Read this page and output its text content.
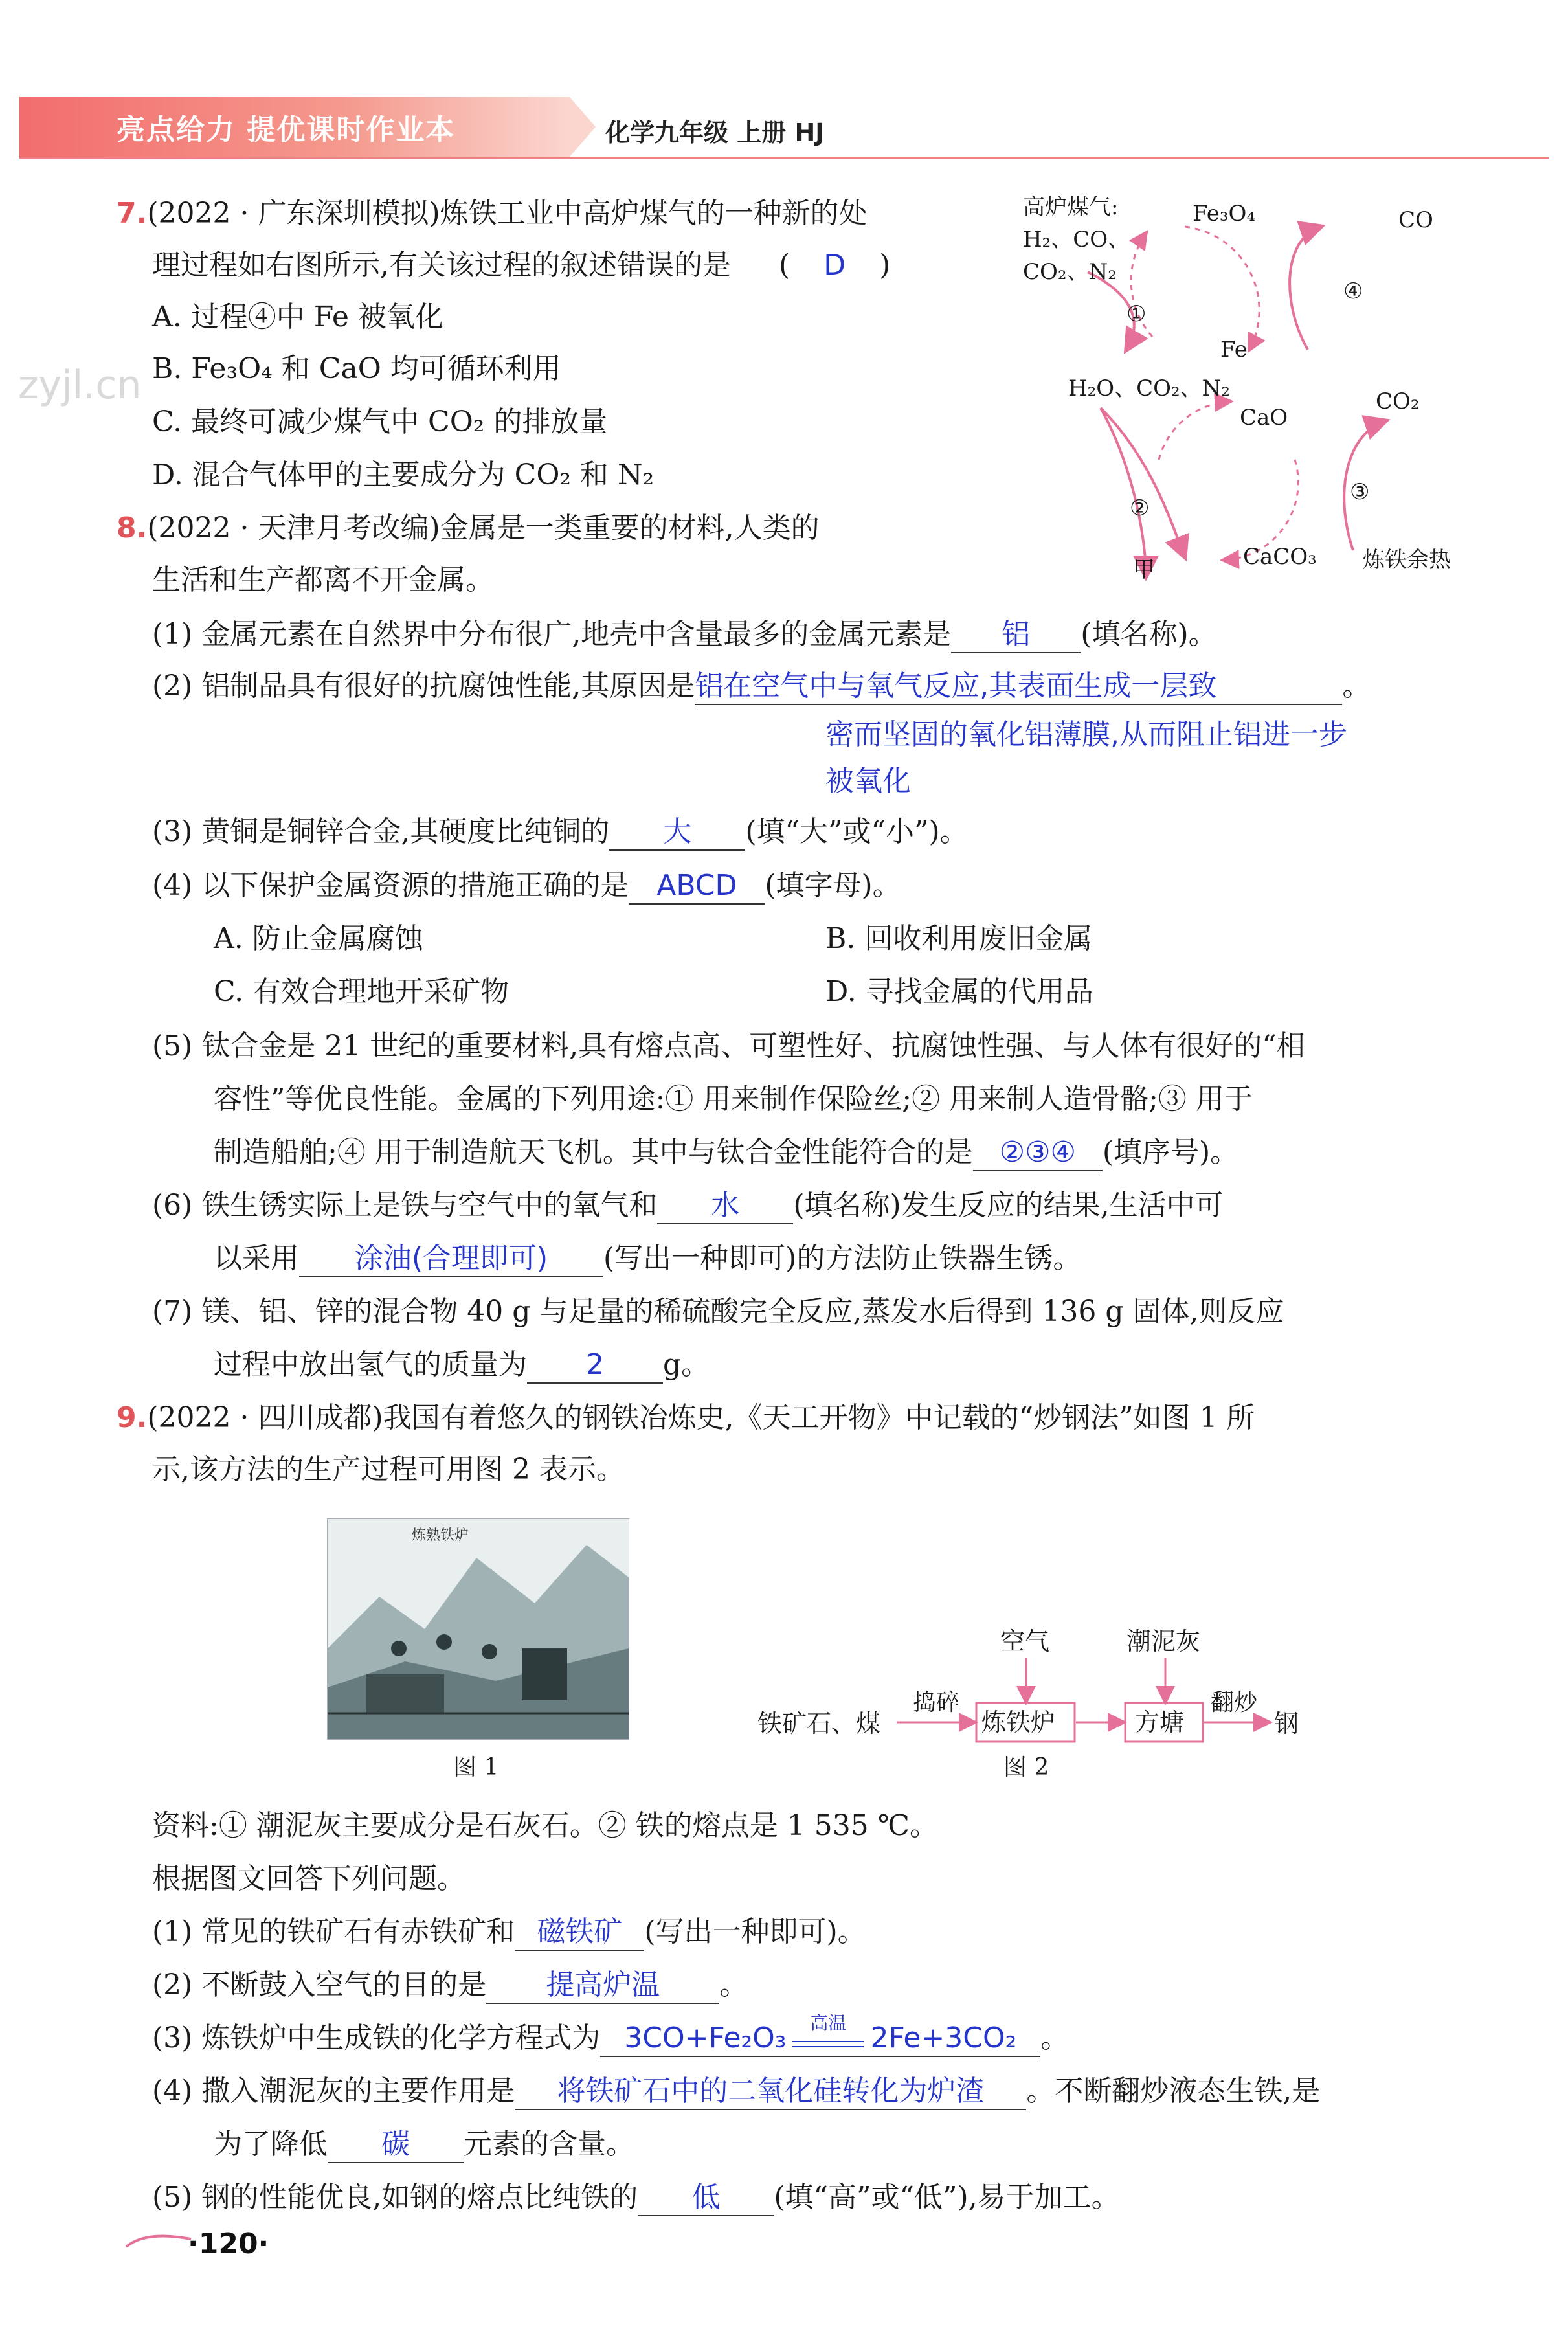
亮点给力 提优课时作业本	化学九年级 上册 HJ
zyjl.cn
7.(2022 · 广东深圳模拟)炼铁工业中高炉煤气的一种新的处
理过程如右图所示,有关该过程的叙述错误的是 ( D )
A. 过程④中 Fe 被氧化
B. Fe₃O₄ 和 CaO 均可循环利用
C. 最终可减少煤气中 CO₂ 的排放量
D. 混合气体甲的主要成分为 CO₂ 和 N₂
高炉煤气:
H₂、CO、
CO₂、N₂
Fe₃O₄	CO
①
④
Fe
H₂O、CO₂、N₂	CO₂
CaO
②
③
甲	CaCO₃ 炼铁余热
8.(2022 · 天津月考改编)金属是一类重要的材料,人类的
生活和生产都离不开金属。
(1) 金属元素在自然界中分布很广,地壳中含量最多的金属元素是 铝 (填名称)。
(2) 铝制品具有很好的抗腐蚀性能,其原因是铝在空气中与氧气反应,其表面生成一层致	。
密而坚固的氧化铝薄膜,从而阻止铝进一步
被氧化
(3) 黄铜是铜锌合金,其硬度比纯铜的 大 (填“大”或“小”)。
(4) 以下保护金属资源的措施正确的是 ABCD (填字母)。
A. 防止金属腐蚀	B. 回收利用废旧金属
C. 有效合理地开采矿物	D. 寻找金属的代用品
(5) 钛合金是 21 世纪的重要材料,具有熔点高、可塑性好、抗腐蚀性强、与人体有很好的“相
容性”等优良性能。金属的下列用途:① 用来制作保险丝;② 用来制人造骨骼;③ 用于
制造船舶;④ 用于制造航天飞机。其中与钛合金性能符合的是 ②③④ (填序号)。
(6) 铁生锈实际上是铁与空气中的氧气和 水 (填名称)发生反应的结果,生活中可
以采用 涂油(合理即可) (写出一种即可)的方法防止铁器生锈。
(7) 镁、铝、锌的混合物 40 g 与足量的稀硫酸完全反应,蒸发水后得到 136 g 固体,则反应
过程中放出氢气的质量为 2 g。
9.(2022 · 四川成都)我国有着悠久的钢铁冶炼史,《天工开物》中记载的“炒钢法”如图 1 所
示,该方法的生产过程可用图 2 表示。
炼熟铁炉
图 1
空气	潮泥灰
铁矿石、煤
捣碎
炼铁炉	方塘
翻炒
钢
图 2
资料:① 潮泥灰主要成分是石灰石。② 铁的熔点是 1 535 ℃。
根据图文回答下列问题。
(1) 常见的铁矿石有赤铁矿和 磁铁矿 (写出一种即可)。
(2) 不断鼓入空气的目的是 提高炉温 。
(3) 炼铁炉中生成铁的化学方程式为 3CO+Fe₂O₃	高温 2Fe+3CO₂ 。
(4) 撒入潮泥灰的主要作用是 将铁矿石中的二氧化硅转化为炉渣 。不断翻炒液态生铁,是
为了降低 碳 元素的含量。
(5) 钢的性能优良,如钢的熔点比纯铁的 低 (填“高”或“低”),易于加工。
·120·
